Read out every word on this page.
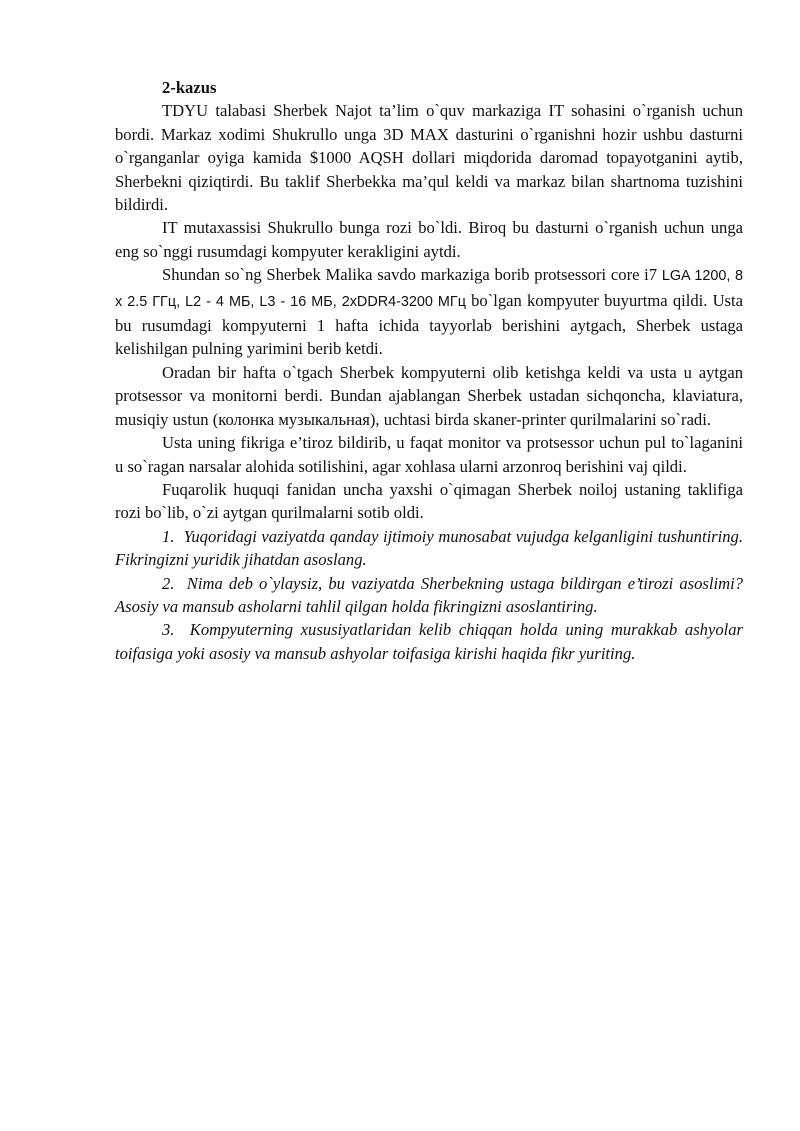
2-kazus

TDYU talabasi Sherbek Najot ta’lim o`quv markaziga IT sohasini o`rganish uchun bordi. Markaz xodimi Shukrullo unga 3D MAX dasturini o`rganishni hozir ushbu dasturni o`rganganlar oyiga kamida $1000 AQSH dollari miqdorida daromad topayotganini aytib, Sherbekni qiziqtirdi. Bu taklif Sherbekka ma’qul keldi va markaz bilan shartnoma tuzishini bildirdi.

IT mutaxassisi Shukrullo bunga rozi bo`ldi. Biroq bu dasturni o`rganish uchun unga eng so`nggi rusumdagi kompyuter kerakligini aytdi.

Shundan so`ng Sherbek Malika savdo markaziga borib protsessori core i7 LGA 1200, 8 x 2.5 ГГц, L2 - 4 МБ, L3 - 16 МБ, 2xDDR4-3200 МГц bo`lgan kompyuter buyurtma qildi. Usta bu rusumdagi kompyuterni 1 hafta ichida tayyorlab berishini aytgach, Sherbek ustaga kelishilgan pulning yarimini berib ketdi.

Oradan bir hafta o`tgach Sherbek kompyuterni olib ketishga keldi va usta u aytgan protsessor va monitorni berdi. Bundan ajablangan Sherbek ustadan sichqoncha, klaviatura, musiqiy ustun (колонка музыкальная), uchtasi birda skaner-printer qurilmalarini so`radi.

Usta uning fikriga e’tiroz bildirib, u faqat monitor va protsessor uchun pul to`laganini u so`ragan narsalar alohida sotilishini, agar xohlasa ularni arzonroq berishini vaj qildi.

Fuqarolik huquqi fanidan uncha yaxshi o`qimagan Sherbek noiloj ustaning taklifiga rozi bo`lib, o`zi aytgan qurilmalarni sotib oldi.

1. Yuqoridagi vaziyatda qanday ijtimoiy munosabat vujudga kelganligini tushuntiring. Fikringizni yuridik jihatdan asoslang.

2. Nima deb o`ylaysiz, bu vaziyatda Sherbekning ustaga bildirgan e’tirozi asoslimi? Asosiy va mansub asholarni tahlil qilgan holda fikringizni asoslantiring.

3. Kompyuterning xususiyatlaridan kelib chiqqan holda uning murakkab ashyolar toifasiga yoki asosiy va mansub ashyolar toifasiga kirishi haqida fikr yuriting.
